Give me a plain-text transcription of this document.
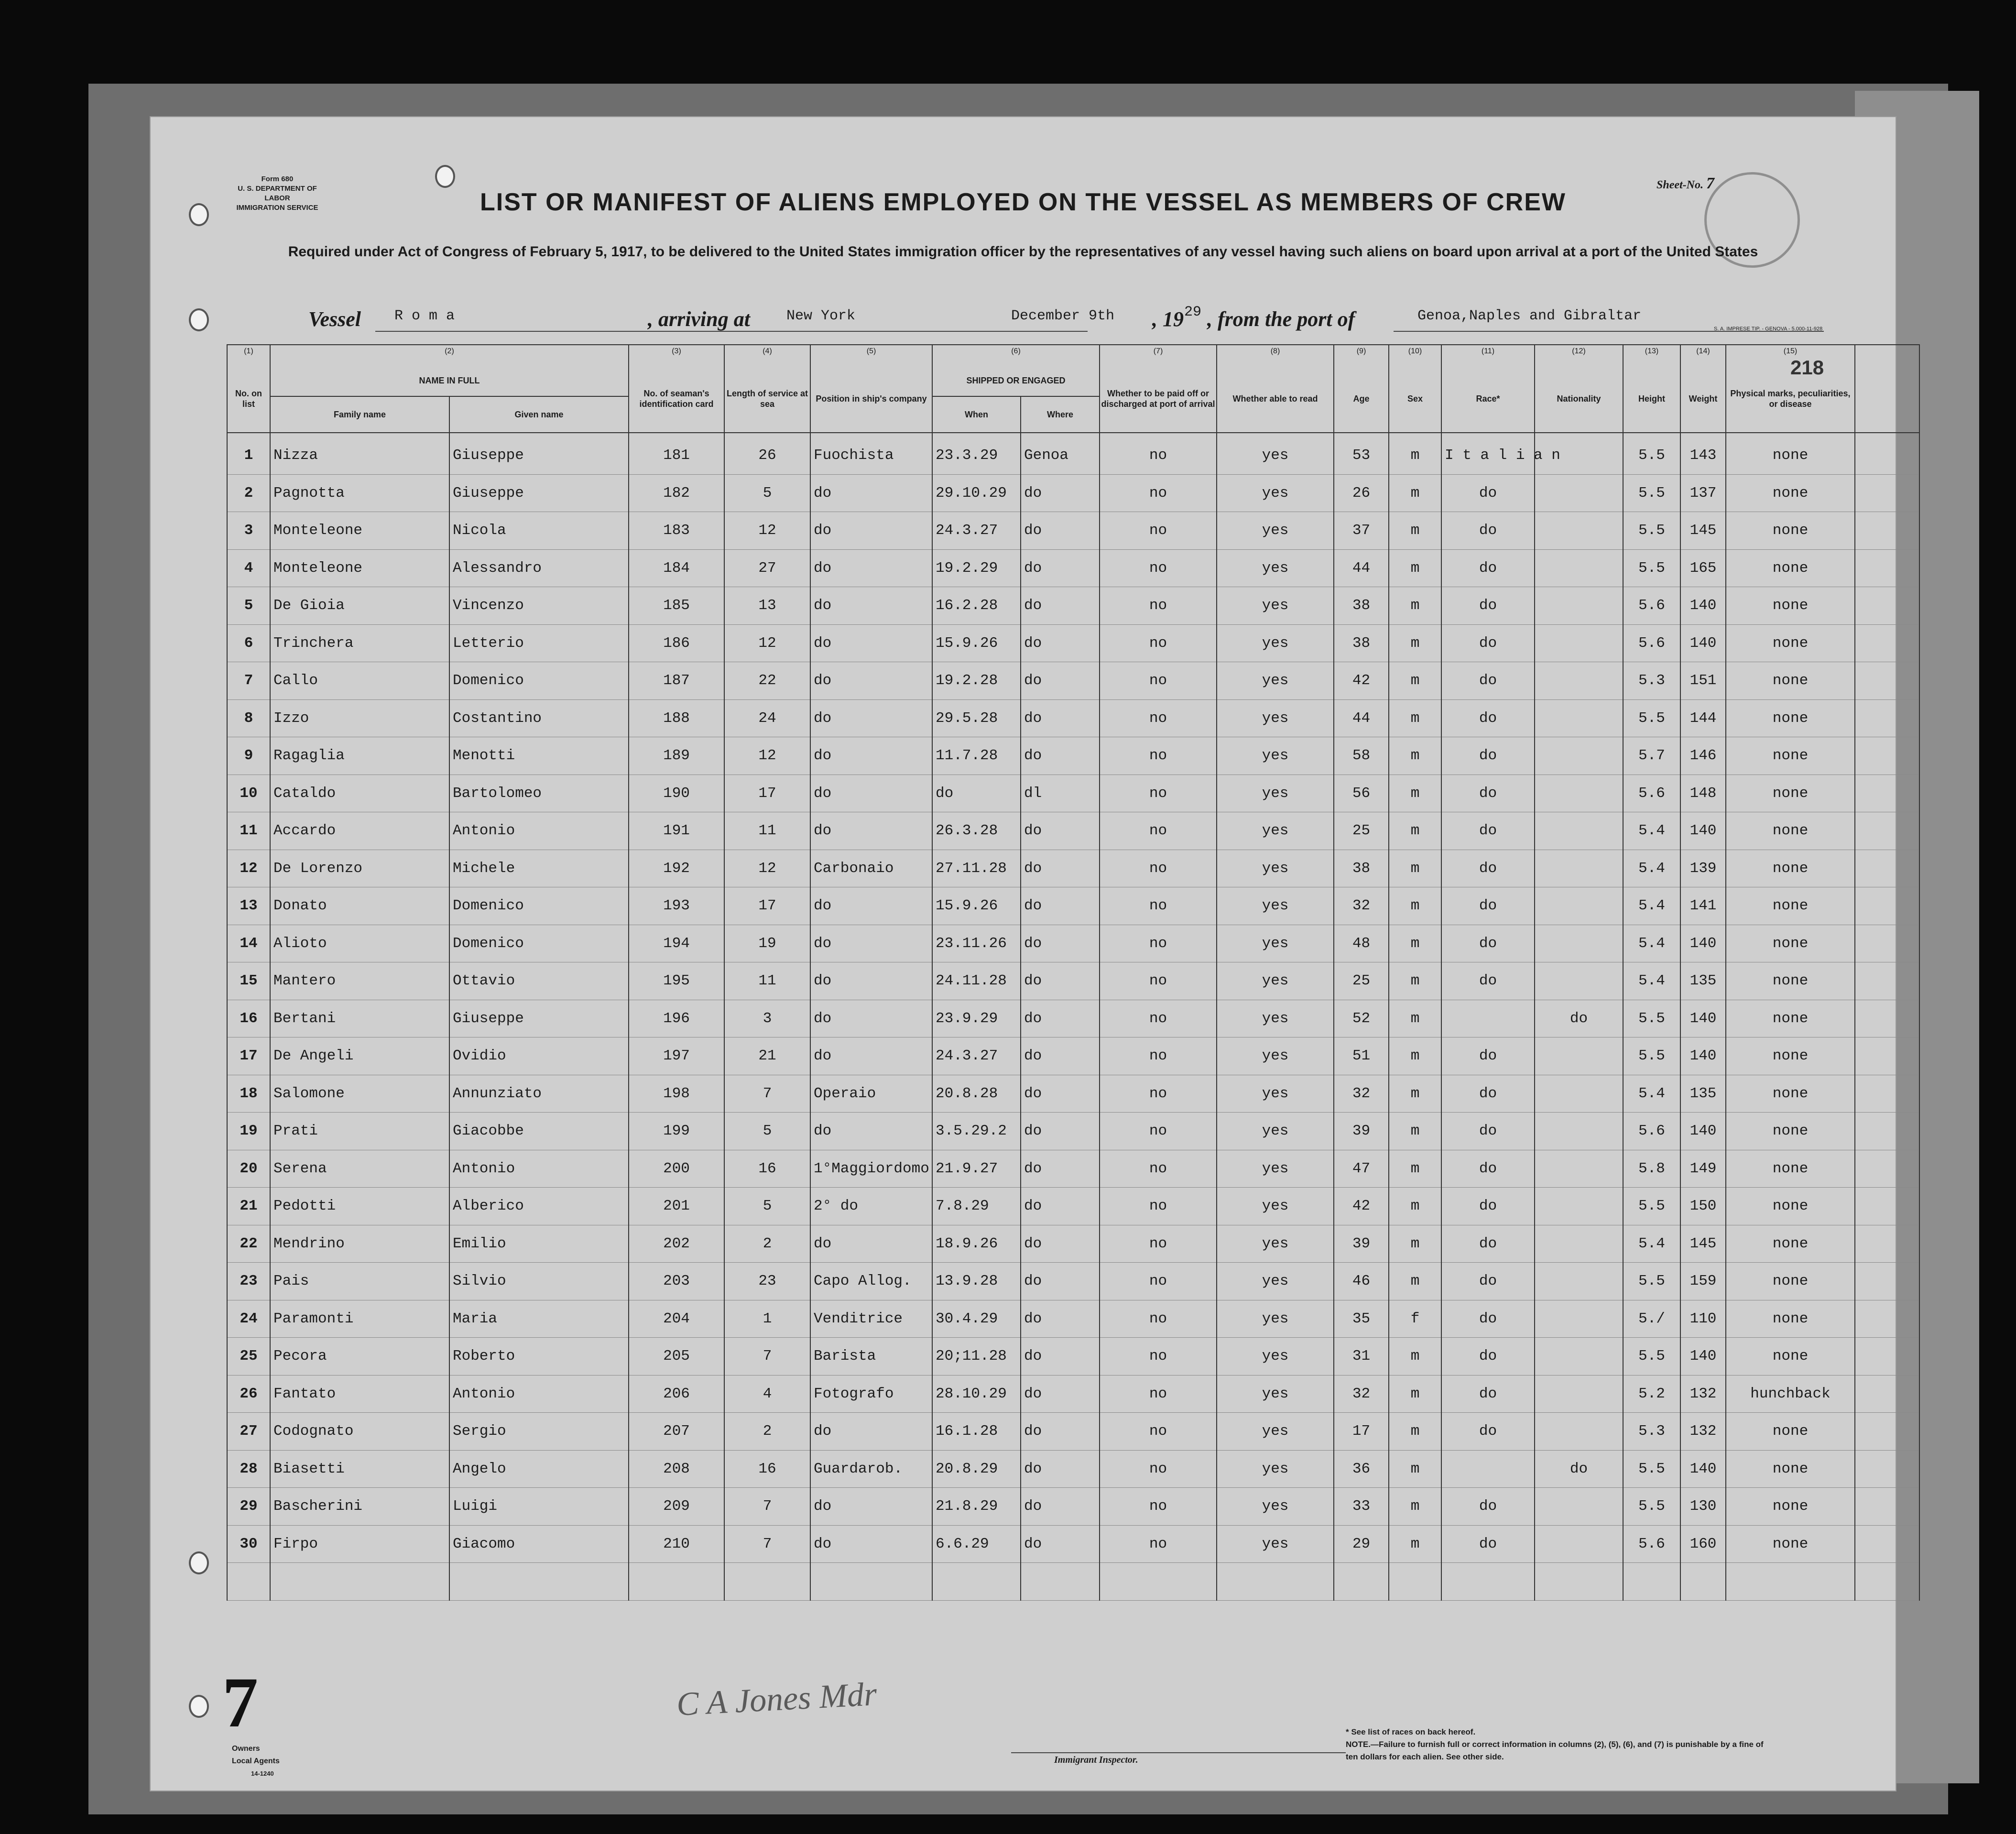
Form 680
U. S. DEPARTMENT OF LABOR
IMMIGRATION SERVICE
Sheet-No. 7
LIST OR MANIFEST OF ALIENS EMPLOYED ON THE VESSEL AS MEMBERS OF CREW
Required under Act of Congress of February 5, 1917, to be delivered to the United States immigration officer by the representatives of any vessel having such aliens on board upon arrival at a port of the United States
Vessel R o m a	, arriving at	New York	December 9th , 19 29 , from the port of	Genoa,Naples and Gibraltar
S. A. IMPRESE TIP. - GENOVA - 5.000-11-928
218
	(1)	(2)		(3)	(4)	(5)	(6)		(7)	(8)	(9)	(10)	(11)	(12)	(13)	(14)	(15)	
	No. on list	NAME IN FULL		No. of seaman's identification card	Length of service at sea	Position in ship's company	SHIPPED OR ENGAGED		Whether to be paid off or discharged at port of arrival	Whether able to read	Age	Sex	Race*	Nationality	Height	Weight	Physical marks, peculiarities, or disease	
		Family name	Given name				When	Where										
	1	Nizza	Giuseppe	181	26	Fuochista	23.3.29	Genoa	no	yes	53	m	I t a l i a n		5.5	143	none	
	2	Pagnotta	Giuseppe	182	5	do	29.10.29	do	no	yes	26	m	do		5.5	137	none	
	3	Monteleone	Nicola	183	12	do	24.3.27	do	no	yes	37	m	do		5.5	145	none	
	4	Monteleone	Alessandro	184	27	do	19.2.29	do	no	yes	44	m	do		5.5	165	none	
	5	De Gioia	Vincenzo	185	13	do	16.2.28	do	no	yes	38	m	do		5.6	140	none	
	6	Trinchera	Letterio	186	12	do	15.9.26	do	no	yes	38	m	do		5.6	140	none	
	7	Callo	Domenico	187	22	do	19.2.28	do	no	yes	42	m	do		5.3	151	none	
	8	Izzo	Costantino	188	24	do	29.5.28	do	no	yes	44	m	do		5.5	144	none	
	9	Ragaglia	Menotti	189	12	do	11.7.28	do	no	yes	58	m	do		5.7	146	none	
	10	Cataldo	Bartolomeo	190	17	do	do	dl	no	yes	56	m	do		5.6	148	none	
	11	Accardo	Antonio	191	11	do	26.3.28	do	no	yes	25	m	do		5.4	140	none	
	12	De Lorenzo	Michele	192	12	Carbonaio	27.11.28	do	no	yes	38	m	do		5.4	139	none	
	13	Donato	Domenico	193	17	do	15.9.26	do	no	yes	32	m	do		5.4	141	none	
	14	Alioto	Domenico	194	19	do	23.11.26	do	no	yes	48	m	do		5.4	140	none	
	15	Mantero	Ottavio	195	11	do	24.11.28	do	no	yes	25	m	do		5.4	135	none	
	16	Bertani	Giuseppe	196	3	do	23.9.29	do	no	yes	52	m		do	5.5	140	none	
	17	De Angeli	Ovidio	197	21	do	24.3.27	do	no	yes	51	m	do		5.5	140	none	
	18	Salomone	Annunziato	198	7	Operaio	20.8.28	do	no	yes	32	m	do		5.4	135	none	
	19	Prati	Giacobbe	199	5	do	3.5.29.2	do	no	yes	39	m	do		5.6	140	none	
	20	Serena	Antonio	200	16	1°Maggiordomo	21.9.27	do	no	yes	47	m	do		5.8	149	none	
	21	Pedotti	Alberico	201	5	2° do	7.8.29	do	no	yes	42	m	do		5.5	150	none	
	22	Mendrino	Emilio	202	2	do	18.9.26	do	no	yes	39	m	do		5.4	145	none	
	23	Pais	Silvio	203	23	Capo Allog.	13.9.28	do	no	yes	46	m	do		5.5	159	none	
	24	Paramonti	Maria	204	1	Venditrice	30.4.29	do	no	yes	35	f	do		5./	110	none	
	25	Pecora	Roberto	205	7	Barista	20;11.28	do	no	yes	31	m	do		5.5	140	none	
	26	Fantato	Antonio	206	4	Fotografo	28.10.29	do	no	yes	32	m	do		5.2	132	hunchback	
	27	Codognato	Sergio	207	2	do	16.1.28	do	no	yes	17	m	do		5.3	132	none	
	28	Biasetti	Angelo	208	16	Guardarob.	20.8.29	do	no	yes	36	m		do	5.5	140	none	
	29	Bascherini	Luigi	209	7	do	21.8.29	do	no	yes	33	m	do		5.5	130	none	
	30	Firpo	Giacomo	210	7	do	6.6.29	do	no	yes	29	m	do		5.6	160	none	

7	C A Jones Mdr
Owners
Local Agents
14-1240
Immigrant Inspector.
* See list of races on back hereof.
NOTE.—Failure to furnish full or correct information in columns (2), (5), (6), and (7) is punishable by a fine of ten dollars for each alien. See other side.
